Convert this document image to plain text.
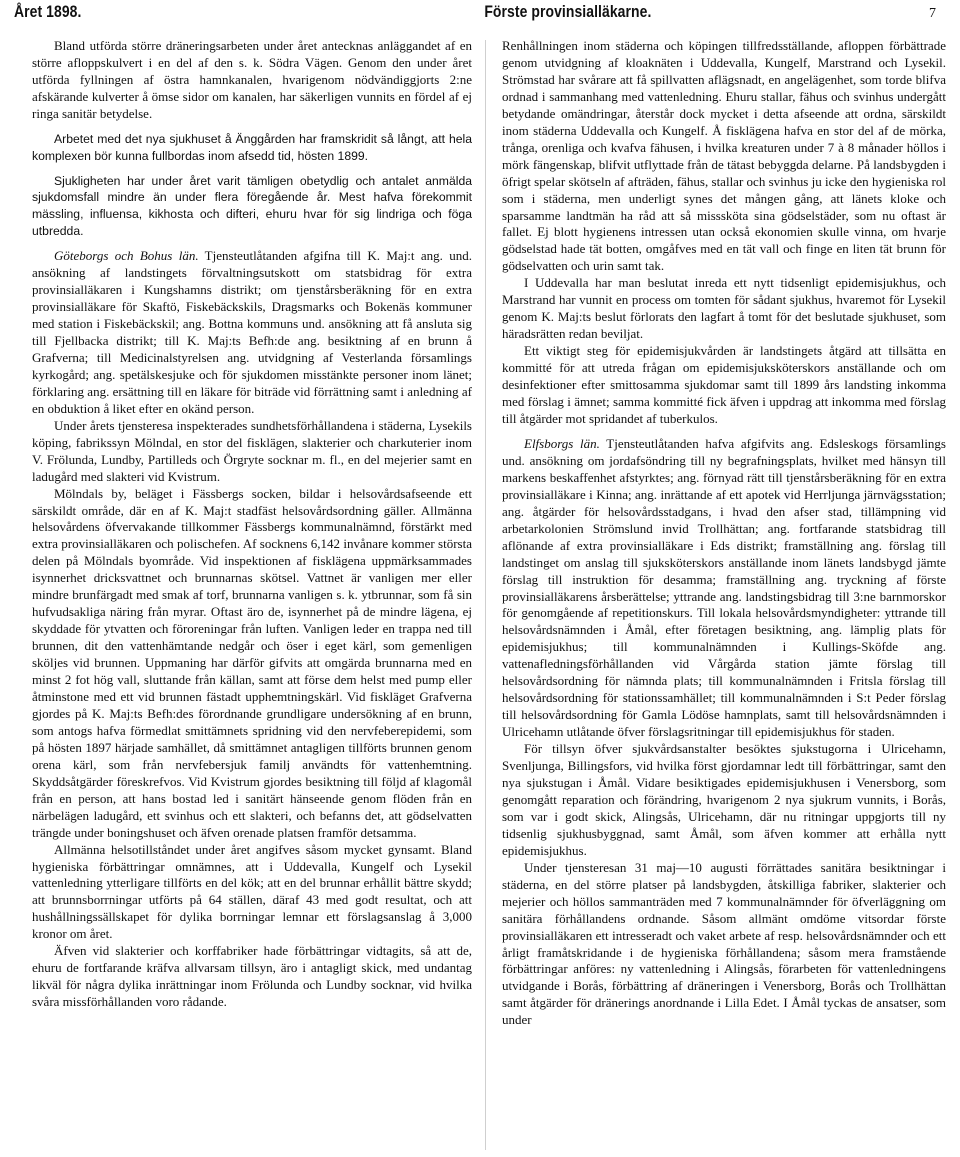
Året 1898.	Förste provinsialläkarne.	7

Bland utförda större dräneringsarbeten under året antecknas anläggandet af en större afloppskulvert i en del af den s. k. Södra Vägen. Genom den under året utförda fyllningen af östra hamnkanalen, hvarigenom nödvändiggjorts 2:ne afskärande kulverter å ömse sidor om kanalen, har säkerligen vunnits en fördel af ej ringa sanitär betydelse.

Arbetet med det nya sjukhuset å Änggården har framskridit så långt, att hela komplexen bör kunna fullbordas inom afsedd tid, hösten 1899.

Sjukligheten har under året varit tämligen obetydlig och antalet anmälda sjukdomsfall mindre än under flera föregående år. Mest hafva förekommit mässling, influensa, kikhosta och difteri, ehuru hvar för sig lindriga och föga utbredda.

Göteborgs och Bohus län. Tjensteutlåtanden afgifna till K. Maj:t ang. und. ansökning af landstingets förvaltningsutskott om statsbidrag för extra provinsialläkaren i Kungshamns distrikt; om tjenstårsberäkning för en extra provinsialläkare för Skaftö, Fiskebäckskils, Dragsmarks och Bokenäs kommuner med station i Fiskebäckskil; ang. Bottna kommuns und. ansökning att få ansluta sig till Fjellbacka distrikt; till K. Maj:ts Befh:de ang. besiktning af en brunn å Grafverna; till Medicinalstyrelsen ang. utvidgning af Vesterlanda församlings kyrkogård; ang. spetälskesjuke och för sjukdomen misstänkte personer inom länet; förklaring ang. ersättning till en läkare för biträde vid förrättning samt i anledning af en obduktion å liket efter en okänd person.

Under årets tjensteresa inspekterades sundhetsförhållandena i städerna, Lysekils köping, fabrikssyn Mölndal, en stor del fisklägen, slakterier och charkuterier inom V. Frölunda, Lundby, Partilleds och Örgryte socknar m. fl., en del mejerier samt en ladugård med slakteri vid Kvistrum.

Mölndals by, beläget i Fässbergs socken, bildar i helsovårdsafseende ett särskildt område, där en af K. Maj:t stadfäst helsovårdsordning gäller. Allmänna helsovårdens öfvervakande tillkommer Fässbergs kommunalnämnd, förstärkt med extra provinsialläkaren och polischefen. Af socknens 6,142 invånare kommer största delen på Mölndals byområde. Vid inspektionen af fisklägena uppmärksammades isynnerhet dricksvattnet och brunnarnas skötsel. Vattnet är vanligen mer eller mindre brunfärgadt med smak af torf, brunnarna vanligen s. k. ytbrunnar, som få sin hufvudsakliga näring från myrar. Oftast äro de, isynnerhet på de mindre lägena, ej skyddade för ytvatten och föroreningar från luften. Vanligen leder en trappa ned till brunnen, dit den vattenhämtande nedgår och öser i eget kärl, som gemenligen sköljes vid brunnen. Uppmaning har därför gifvits att omgärda brunnarna med en minst 2 fot hög vall, sluttande från källan, samt att förse dem helst med pump eller åtminstone med ett vid brunnen fästadt upphemtningskärl. Vid fiskläget Grafverna gjordes på K. Maj:ts Befh:des förordnande grundligare undersökning af en brunn, som antogs hafva förmedlat smittämnets spridning vid den nervfeberepidemi, som på hösten 1897 härjade samhället, då smittämnet antagligen tillförts brunnen genom orena kärl, som från nervfebersjuk familj användts för vattenhemtning. Skyddsåtgärder föreskrefvos. Vid Kvistrum gjordes besiktning till följd af klagomål från en person, att hans bostad led i sanitärt hänseende genom flöden från en närbelägen ladugård, ett svinhus och ett slakteri, och befanns det, att gödselvatten trängde under boningshuset och äfven orenade platsen framför detsamma.

Allmänna helsotillståndet under året angifves såsom mycket gynsamt. Bland hygieniska förbättringar omnämnes, att i Uddevalla, Kungelf och Lysekil vattenledning ytterligare tillförts en del kök; att en del brunnar erhållit bättre skydd; att brunnsborrningar utförts på 64 ställen, däraf 43 med godt resultat, och att hushållningssällskapet för dylika borrningar lemnar ett förslagsanslag å 3,000 kronor om året.

Äfven vid slakterier och korffabriker hade förbättringar vidtagits, så att de, ehuru de fortfarande kräfva allvarsam tillsyn, äro i antagligt skick, med undantag likväl för några dylika inrättningar inom Frölunda och Lundby socknar, vid hvilka svåra missförhållanden voro rådande.

Renhållningen inom städerna och köpingen tillfredsställande, afloppen förbättrade genom utvidgning af kloaknäten i Uddevalla, Kungelf, Marstrand och Lysekil. Strömstad har svårare att få spillvatten aflägsnadt, en angelägenhet, som torde blifva ordnad i sammanhang med vattenledning. Ehuru stallar, fähus och svinhus undergått betydande omändringar, återstår dock mycket i detta afseende att ordna, särskildt inom städerna Uddevalla och Kungelf. Å fisklägena hafva en stor del af de mörka, trånga, orenliga och kvafva fähusen, i hvilka kreaturen under 7 à 8 månader höllos i mörk fängenskap, blifvit utflyttade från de tätast bebyggda delarne. På landsbygden i öfrigt spelar skötseln af afträden, fähus, stallar och svinhus ju icke den hygieniska rol som i städerna, men underligt synes det mången gång, att länets kloke och sparsamme landtmän ha råd att så misssköta sina gödselstäder, som nu oftast är fallet. Ej blott hygienens intressen utan också ekonomien skulle vinna, om hvarje gödselstad hade tät botten, omgåfves med en tät vall och finge en liten tät brunn för gödselvatten och urin samt tak.

I Uddevalla har man beslutat inreda ett nytt tidsenligt epidemisjukhus, och Marstrand har vunnit en process om tomten för sådant sjukhus, hvaremot för Lysekil genom K. Maj:ts beslut förlorats den lagfart å tomt för det beslutade sjukhuset, som häradsrätten redan beviljat.

Ett viktigt steg för epidemisjukvården är landstingets åtgärd att tillsätta en kommitté för att utreda frågan om epidemisjuksköterskors anställande och om desinfektioner efter smittosamma sjukdomar samt till 1899 års landsting inkomma med förslag i ämnet; samma kommitté fick äfven i uppdrag att inkomma med förslag till åtgärder mot spridandet af tuberkulos.

Elfsborgs län. Tjensteutlåtanden hafva afgifvits ang. Edsleskogs församlings und. ansökning om jordafsöndring till ny begrafningsplats, hvilket med hänsyn till markens beskaffenhet afstyrktes; ang. förnyad rätt till tjenstårsberäkning för en extra provinsialläkare i Kinna; ang. inrättande af ett apotek vid Herrljunga järnvägsstation; ang. åtgärder för helsovårdsstadgans, i hvad den afser stad, tillämpning vid arbetarkolonien Strömslund invid Trollhättan; ang. fortfarande statsbidrag till aflönande af extra provinsialläkare i Eds distrikt; framställning ang. förslag till landstinget om anslag till sjuksköterskors anställande inom länets landsbygd jämte förslag till instruktion för desamma; framställning ang. tryckning af förste provinsialläkarens årsberättelse; yttrande ang. landstingsbidrag till 3:ne barnmorskor för genomgående af repetitionskurs. Till lokala helsovårdsmyndigheter: yttrande till helsovårdsnämnden i Åmål, efter företagen besiktning, ang. lämplig plats för epidemisjukhus; till kommunalnämnden i Kullings-Sköfde ang. vattenafledningsförhållanden vid Vårgårda station jämte förslag till helsovårdsordning för nämnda plats; till kommunalnämnden i Fritsla förslag till helsovårdsordning för stationssamhället; till kommunalnämnden i S:t Peder förslag till helsovårdsordning för Gamla Lödöse hamnplats, samt till helsovårdsnämnden i Ulricehamn utlåtande öfver förslagsritningar till epidemisjukhus för staden.

För tillsyn öfver sjukvårdsanstalter besöktes sjukstugorna i Ulricehamn, Svenljunga, Billingsfors, vid hvilka först gjordamnar ledt till förbättringar, samt den nya sjukstugan i Åmål. Vidare besiktigades epidemisjukhusen i Venersborg, som genomgått reparation och förändring, hvarigenom 2 nya sjukrum vunnits, i Borås, som var i godt skick, Alingsås, Ulricehamn, där nu ritningar uppgjorts till ny tidsenlig sjukhusbyggnad, samt Åmål, som äfven kommer att erhålla nytt epidemisjukhus.

Under tjensteresan 31 maj—10 augusti förrättades sanitära besiktningar i städerna, en del större platser på landsbygden, åtskilliga fabriker, slakterier och mejerier och höllos sammanträden med 7 kommunalnämnder för öfverläggning om sanitära förhållandens ordnande. Såsom allmänt omdöme vitsordar förste provinsialläkaren ett intresseradt och vaket arbete af resp. helsovårdsnämnder och ett årligt framåtskridande i de hygieniska förhållandena; såsom mera framstående förbättringar anföres: ny vattenledning i Alingsås, förarbeten för vattenledningens utvidgande i Borås, förbättring af dräneringen i Venersborg, Borås och Trollhättan samt åtgärder för dränerings anordnande i Lilla Edet. I Åmål tyckas de ansatser, som under
